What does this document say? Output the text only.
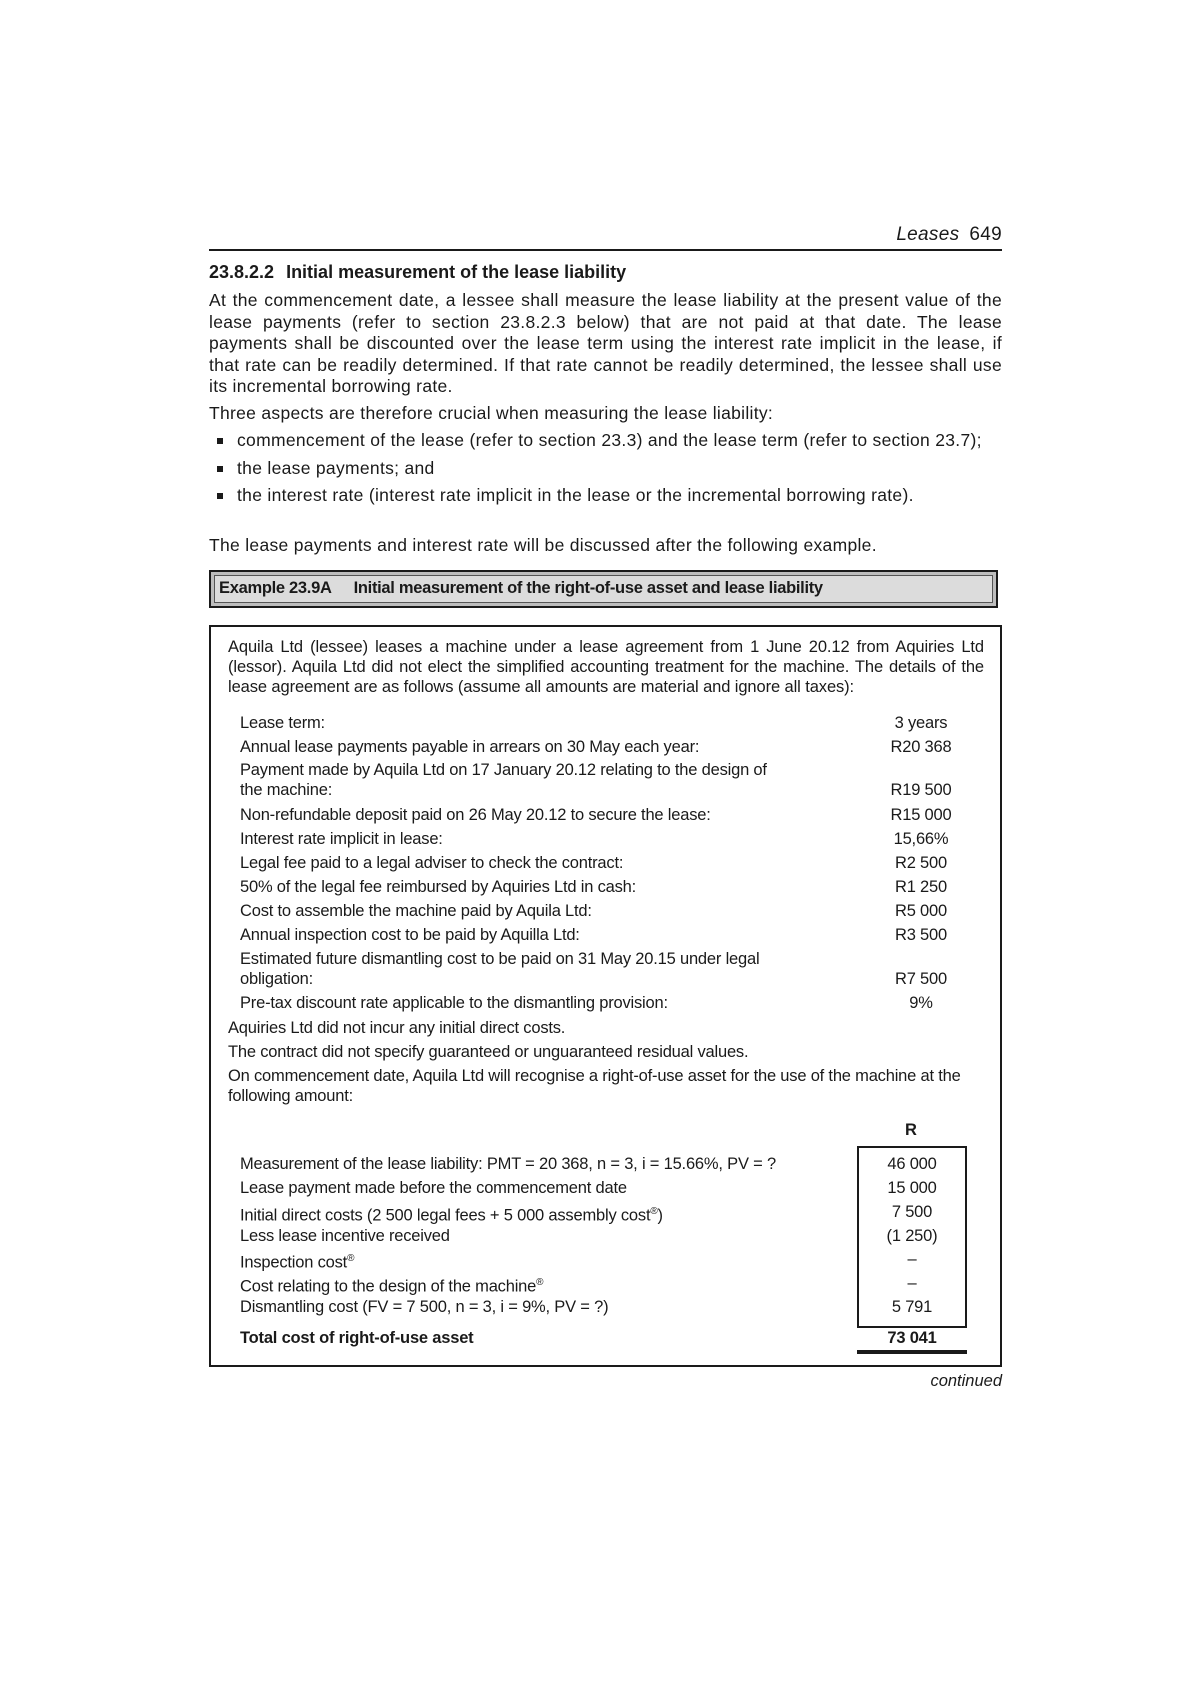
Leases 649
23.8.2.2 Initial measurement of the lease liability
At the commencement date, a lessee shall measure the lease liability at the present value of the lease payments (refer to section 23.8.2.3 below) that are not paid at that date. The lease payments shall be discounted over the lease term using the interest rate implicit in the lease, if that rate can be readily determined. If that rate cannot be readily determined, the lessee shall use its incremental borrowing rate.
Three aspects are therefore crucial when measuring the lease liability:
commencement of the lease (refer to section 23.3) and the lease term (refer to section 23.7);
the lease payments; and
the interest rate (interest rate implicit in the lease or the incremental borrowing rate).
The lease payments and interest rate will be discussed after the following example.
Example 23.9A Initial measurement of the right-of-use asset and lease liability
Aquila Ltd (lessee) leases a machine under a lease agreement from 1 June 20.12 from Aquiries Ltd (lessor). Aquila Ltd did not elect the simplified accounting treatment for the machine. The details of the lease agreement are as follows (assume all amounts are material and ignore all taxes):
Lease term:	3 years
Annual lease payments payable in arrears on 30 May each year:	R20 368
Payment made by Aquila Ltd on 17 January 20.12 relating to the design of the machine:	R19 500
Non-refundable deposit paid on 26 May 20.12 to secure the lease:	R15 000
Interest rate implicit in lease:	15,66%
Legal fee paid to a legal adviser to check the contract:	R2 500
50% of the legal fee reimbursed by Aquiries Ltd in cash:	R1 250
Cost to assemble the machine paid by Aquila Ltd:	R5 000
Annual inspection cost to be paid by Aquilla Ltd:	R3 500
Estimated future dismantling cost to be paid on 31 May 20.15 under legal obligation:	R7 500
Pre-tax discount rate applicable to the dismantling provision:	9%
Aquiries Ltd did not incur any initial direct costs.
The contract did not specify guaranteed or unguaranteed residual values.
On commencement date, Aquila Ltd will recognise a right-of-use asset for the use of the machine at the following amount:
R
Measurement of the lease liability: PMT = 20 368, n = 3, i = 15.66%, PV = ?	46 000
Lease payment made before the commencement date	15 000
Initial direct costs (2 500 legal fees + 5 000 assembly cost®)	7 500
Less lease incentive received	(1 250)
Inspection cost®	–
Cost relating to the design of the machine®	–
Dismantling cost (FV = 7 500, n = 3, i = 9%, PV = ?)	5 791
Total cost of right-of-use asset	73 041
continued
